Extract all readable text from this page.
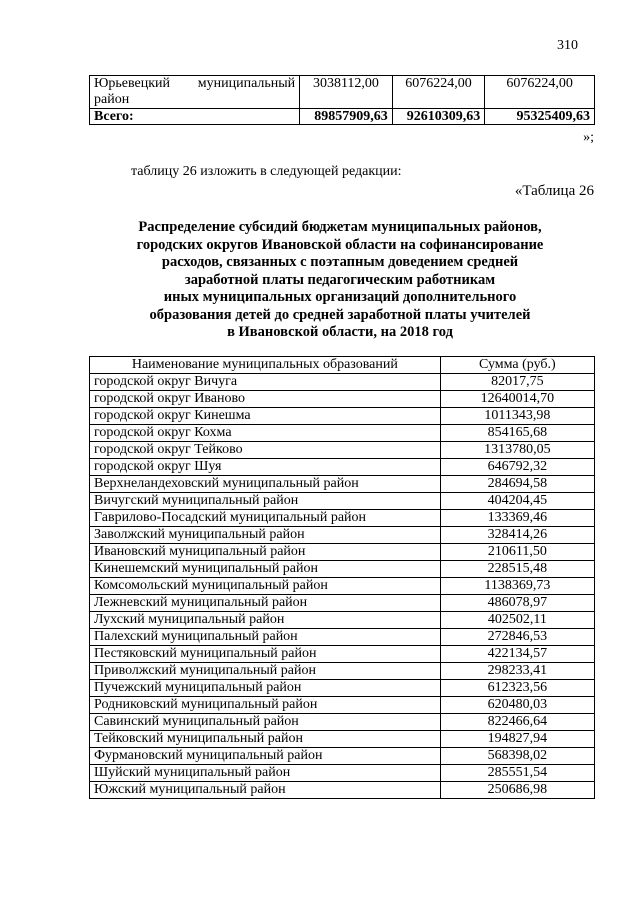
310
Юрьевецкий муниципальный
район	3038112,00	6076224,00	6076224,00
Всего:	89857909,63	92610309,63	95325409,63
»;
таблицу 26 изложить в следующей редакции:
«Таблица 26
Распределение субсидий бюджетам муниципальных районов,
городских округов Ивановской области на софинансирование
расходов, связанных с поэтапным доведением средней
заработной платы педагогическим работникам
иных муниципальных организаций дополнительного
образования детей до средней заработной платы учителей
в Ивановской области, на 2018 год
Наименование муниципальных образований	Сумма (руб.)
городской округ Вичуга	82017,75
городской округ Иваново	12640014,70
городской округ Кинешма	1011343,98
городской округ Кохма	854165,68
городской округ Тейково	1313780,05
городской округ Шуя	646792,32
Верхнеландеховский муниципальный район	284694,58
Вичугский муниципальный район	404204,45
Гаврилово-Посадский муниципальный район	133369,46
Заволжский муниципальный район	328414,26
Ивановский муниципальный район	210611,50
Кинешемский муниципальный район	228515,48
Комсомольский муниципальный район	1138369,73
Лежневский муниципальный район	486078,97
Лухский муниципальный район	402502,11
Палехский муниципальный район	272846,53
Пестяковский муниципальный район	422134,57
Приволжский муниципальный район	298233,41
Пучежский муниципальный район	612323,56
Родниковский муниципальный район	620480,03
Савинский муниципальный район	822466,64
Тейковский муниципальный район	194827,94
Фурмановский муниципальный район	568398,02
Шуйский муниципальный район	285551,54
Южский муниципальный район	250686,98
